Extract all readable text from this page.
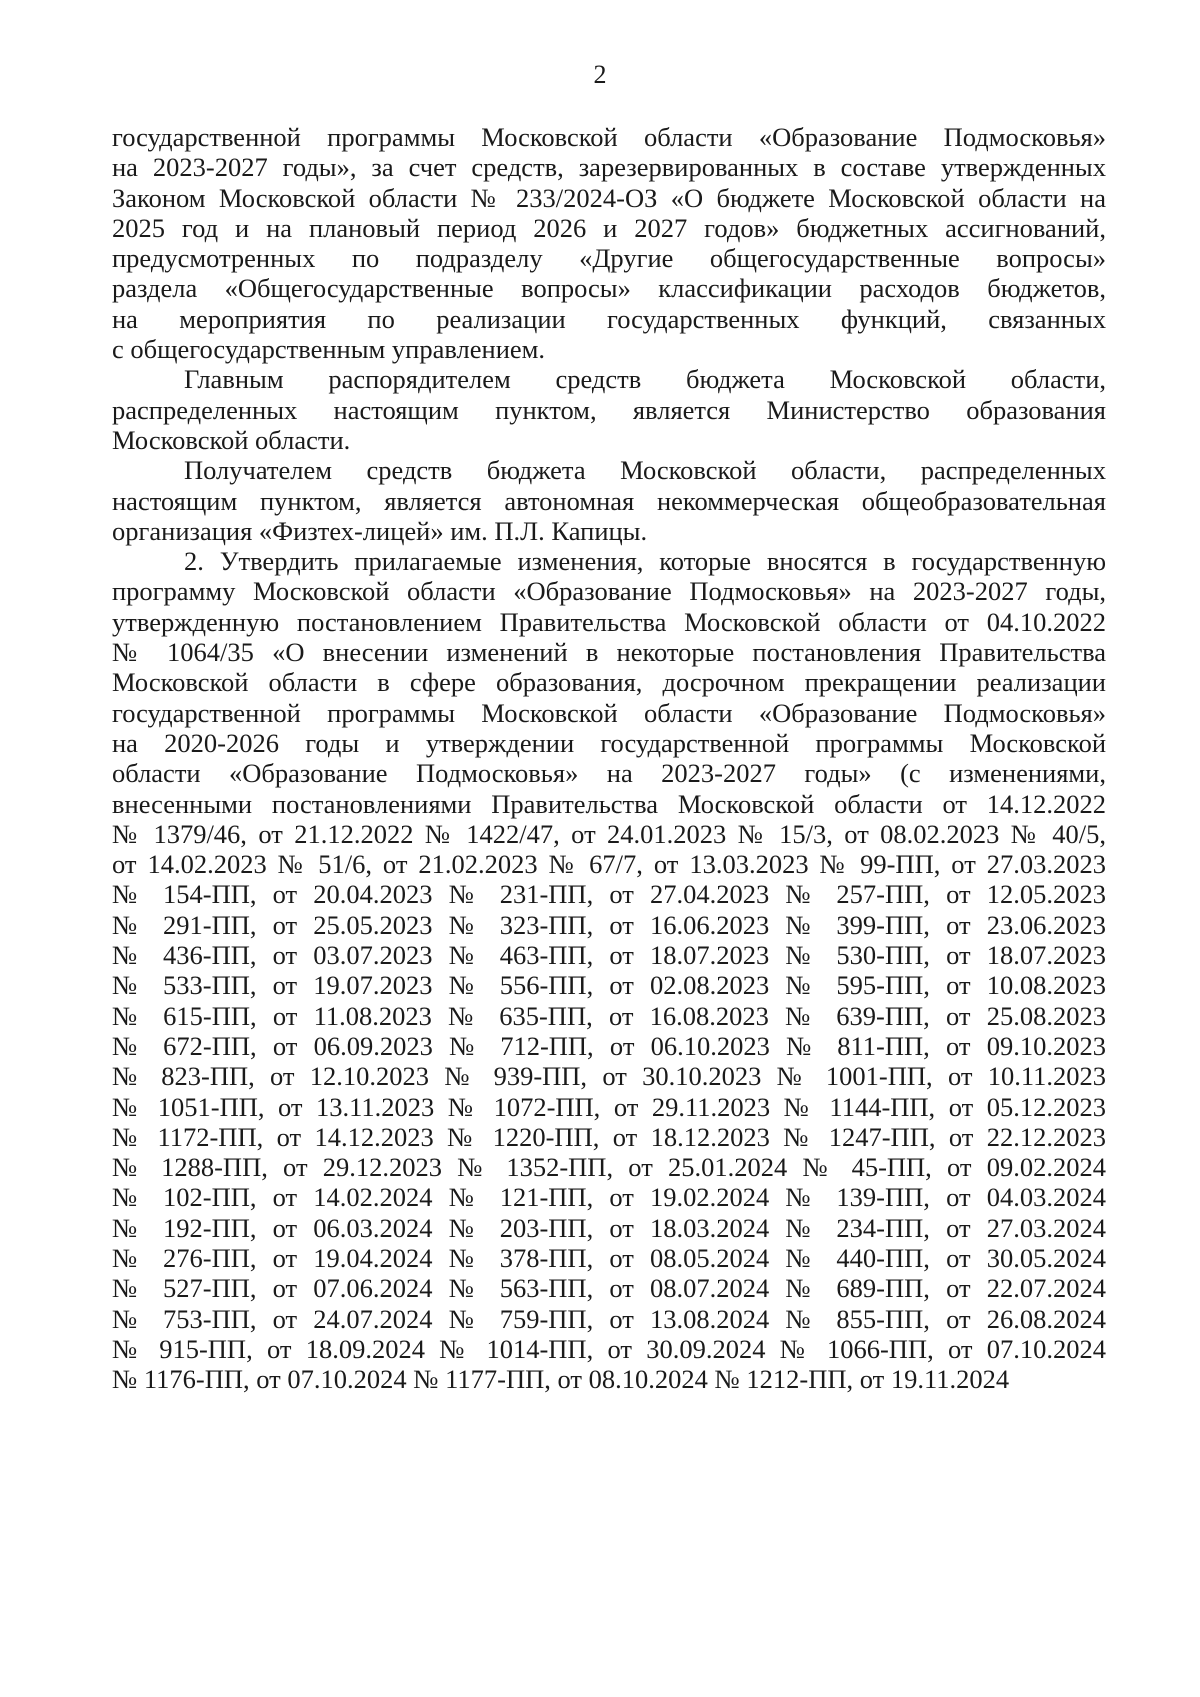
2
государственной программы Московской области «Образование Подмосковья»
на 2023-2027 годы», за счет средств, зарезервированных в составе утвержденных
Законом Московской области № 233/2024-ОЗ «О бюджете Московской области на
2025 год и на плановый период 2026 и 2027 годов» бюджетных ассигнований,
предусмотренных по подразделу «Другие общегосударственные вопросы»
раздела «Общегосударственные вопросы» классификации расходов бюджетов,
на мероприятия по реализации государственных функций, связанных
с общегосударственным управлением.
Главным распорядителем средств бюджета Московской области,
распределенных настоящим пунктом, является Министерство образования
Московской области.
Получателем средств бюджета Московской области, распределенных
настоящим пунктом, является автономная некоммерческая общеобразовательная
организация «Физтех-лицей» им. П.Л. Капицы.
2. Утвердить прилагаемые изменения, которые вносятся в государственную
программу Московской области «Образование Подмосковья» на 2023-2027 годы,
утвержденную постановлением Правительства Московской области от 04.10.2022
№ 1064/35 «О внесении изменений в некоторые постановления Правительства
Московской области в сфере образования, досрочном прекращении реализации
государственной программы Московской области «Образование Подмосковья»
на 2020-2026 годы и утверждении государственной программы Московской
области «Образование Подмосковья» на 2023-2027 годы» (с изменениями,
внесенными постановлениями Правительства Московской области от 14.12.2022
№ 1379/46, от 21.12.2022 № 1422/47, от 24.01.2023 № 15/3, от 08.02.2023 № 40/5,
от 14.02.2023 № 51/6, от 21.02.2023 № 67/7, от 13.03.2023 № 99-ПП, от 27.03.2023
№ 154-ПП, от 20.04.2023 № 231-ПП, от 27.04.2023 № 257-ПП, от 12.05.2023
№ 291-ПП, от 25.05.2023 № 323-ПП, от 16.06.2023 № 399-ПП, от 23.06.2023
№ 436-ПП, от 03.07.2023 № 463-ПП, от 18.07.2023 № 530-ПП, от 18.07.2023
№ 533-ПП, от 19.07.2023 № 556-ПП, от 02.08.2023 № 595-ПП, от 10.08.2023
№ 615-ПП, от 11.08.2023 № 635-ПП, от 16.08.2023 № 639-ПП, от 25.08.2023
№ 672-ПП, от 06.09.2023 № 712-ПП, от 06.10.2023 № 811-ПП, от 09.10.2023
№ 823-ПП, от 12.10.2023 № 939-ПП, от 30.10.2023 № 1001-ПП, от 10.11.2023
№ 1051-ПП, от 13.11.2023 № 1072-ПП, от 29.11.2023 № 1144-ПП, от 05.12.2023
№ 1172-ПП, от 14.12.2023 № 1220-ПП, от 18.12.2023 № 1247-ПП, от 22.12.2023
№ 1288-ПП, от 29.12.2023 № 1352-ПП, от 25.01.2024 № 45-ПП, от 09.02.2024
№ 102-ПП, от 14.02.2024 № 121-ПП, от 19.02.2024 № 139-ПП, от 04.03.2024
№ 192-ПП, от 06.03.2024 № 203-ПП, от 18.03.2024 № 234-ПП, от 27.03.2024
№ 276-ПП, от 19.04.2024 № 378-ПП, от 08.05.2024 № 440-ПП, от 30.05.2024
№ 527-ПП, от 07.06.2024 № 563-ПП, от 08.07.2024 № 689-ПП, от 22.07.2024
№ 753-ПП, от 24.07.2024 № 759-ПП, от 13.08.2024 № 855-ПП, от 26.08.2024
№ 915-ПП, от 18.09.2024 № 1014-ПП, от 30.09.2024 № 1066-ПП, от 07.10.2024
№ 1176-ПП, от 07.10.2024 № 1177-ПП, от 08.10.2024 № 1212-ПП, от 19.11.2024
